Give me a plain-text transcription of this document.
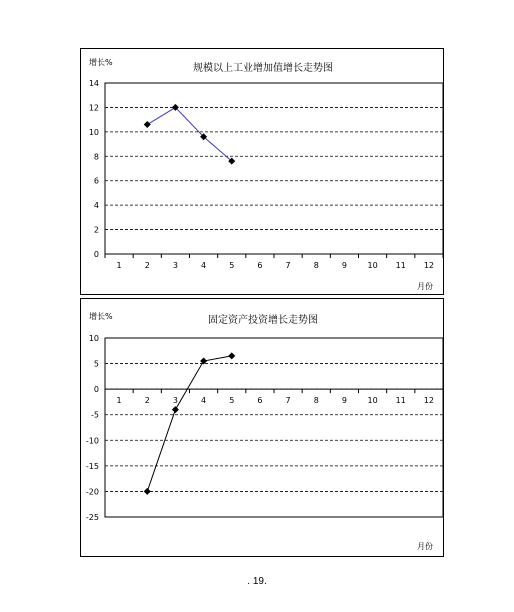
规模以上工业增加值增长走势图
增长%
月份
0
2
4
6
8
10
12
14
1	2	3	4	5	6	7	8	9	10 11 12
固定资产投资增长走势图
增长%
月份
10
5
0
-5
-10
-15
-20
-25
1	2	3	4	5	6	7	8	9	10 11 12
. 19.
